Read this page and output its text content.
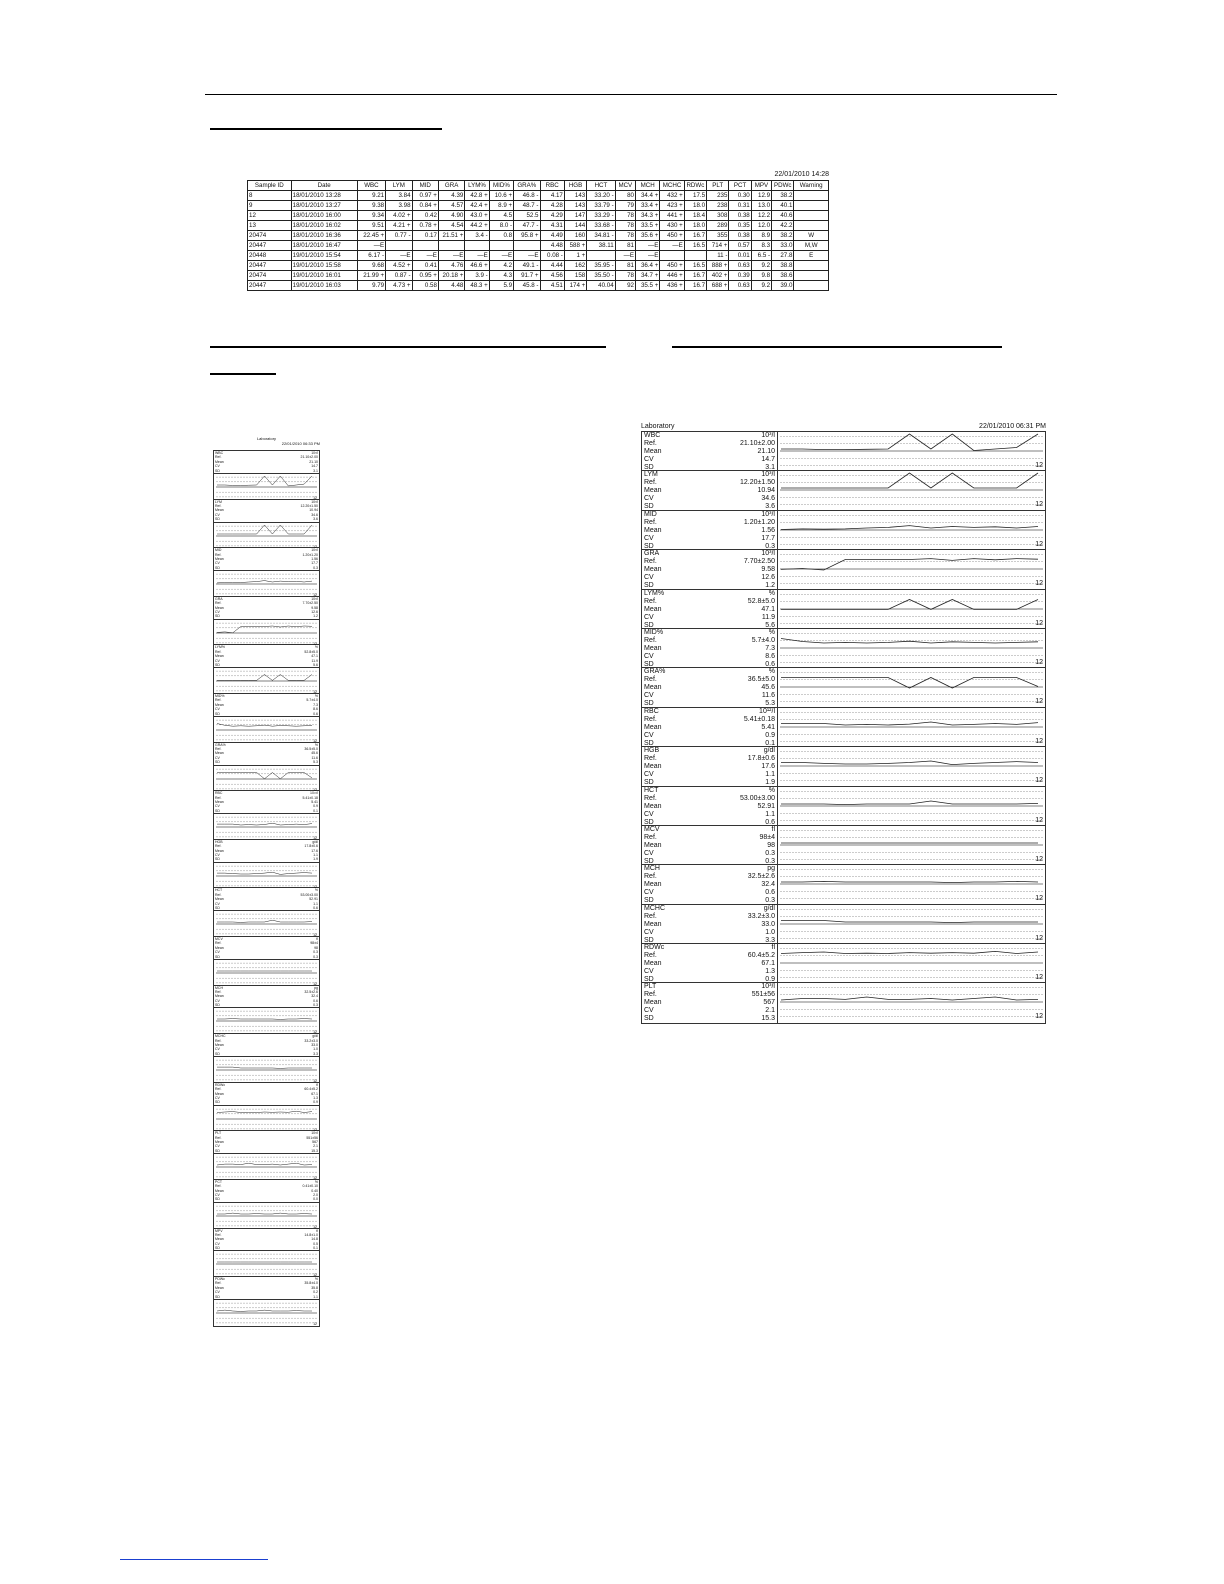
22/01/2010 14:28
Sample ID	Date	WBC	LYM	MID	GRA	LYM%	MID%	GRA%	RBC	HGB	HCT	MCV	MCH	MCHC	RDWc	PLT	PCT	MPV	PDWc	Warning
8	18/01/2010 13:28	9.21	3.84	0.97 +	4.39	42.8 +	10.6 +	46.8 -	4.17	143	33.20 -	80	34.4 +	432 +	17.5	235	0.30	12.9	38.2	
9	18/01/2010 13:27	9.38	3.98	0.84 +	4.57	42.4 +	8.9 +	48.7 -	4.28	143	33.79 -	79	33.4 +	423 +	18.0	238	0.31	13.0	40.1	
12	18/01/2010 16:00	9.34	4.02 +	0.42	4.90	43.0 +	4.5	52.5	4.29	147	33.29 -	78	34.3 +	441 +	18.4	308	0.38	12.2	40.6	
13	18/01/2010 16:02	9.51	4.21 +	0.78 +	4.54	44.2 +	8.0 -	47.7 -	4.31	144	33.68 -	78	33.5 +	430 +	18.0	289	0.35	12.0	42.2	
20474	18/01/2010 16:36	22.45 +	0.77 -	0.17	21.51 +	3.4 -	0.8	95.8 +	4.49	160	34.81 -	78	35.6 +	450 +	16.7	355	0.38	8.9	38.2	W
20447	18/01/2010 16:47	—E							4.48	588 +	38.11	81	—E	—E	16.5	714 +	0.57	8.3	33.0	M,W
20448	19/01/2010 15:54	6.17 -	—E	—E	—E	—E	—E	—E	0.08 -	1 +		—E	—E			11 -	0.01	6.5 -	27.8	E
20447	19/01/2010 15:58	9.68	4.52 +	0.41	4.76	46.6 +	4.2	49.1 -	4.44	162	35.95 -	81	36.4 +	450 +	16.5	888 +	0.63	9.2	38.8	
20474	19/01/2010 16:01	21.99 +	0.87 -	0.95 +	20.18 +	3.9 -	4.3	91.7 +	4.56	158	35.50 -	78	34.7 +	446 +	16.7	402 +	0.39	9.8	38.6	
20447	19/01/2010 16:03	9.79	4.73 +	0.58	4.48	48.3 +	5.9	45.8 -	4.51	174 +	40.04	92	35.5 +	436 +	16.7	688 +	0.63	9.2	39.0	
Laboratory
22/01/2010 06:33 PM
WBC	10³/l
Ref.	21.10±2.00
Mean	21.10
CV	14.7
SD	3.1
12
LYM	10³/l
Ref.	12.20±1.50
Mean	10.94
CV	34.6
SD	3.6
12
MID	10³/l
Ref.	1.20±1.20
Mean	1.56
CV	17.7
SD	0.3
12
GRA	10³/l
Ref.	7.70±2.50
Mean	9.58
CV	12.6
SD	1.2
12
LYM%	%
Ref.	52.8±5.0
Mean	47.1
CV	11.9
SD	5.6
12
MID%	%
Ref.	5.7±4.0
Mean	7.3
CV	8.6
SD	0.6
12
GRA%	%
Ref.	36.5±5.0
Mean	45.6
CV	11.6
SD	5.3
12
RBC	10¹²/l
Ref.	5.41±0.18
Mean	5.41
CV	0.9
SD	0.1
12
HGB	g/dl
Ref.	17.8±0.6
Mean	17.6
CV	1.1
SD	1.9
12
HCT	%
Ref.	53.00±3.00
Mean	52.91
CV	1.1
SD	0.6
12
MCV	fl
Ref.	98±4
Mean	98
CV	0.3
SD	0.3
12
MCH	pg
Ref.	32.5±2.6
Mean	32.4
CV	0.6
SD	0.3
12
MCHC	g/dl
Ref.	33.2±3.0
Mean	33.0
CV	1.0
SD	3.3
12
RDWc	fl
Ref.	60.4±5.2
Mean	67.1
CV	1.3
SD	0.9
12
PLT	10³/l
Ref.	551±56
Mean	567
CV	2.1
SD	15.3
12
PCT	%
Ref.	0.41±0.10
Mean	0.40
CV	2.0
SD	0.0
12
MPV	fl
Ref.	14.8±1.0
Mean	14.8
CV	0.5
SD	0.1
12
PDWc	%
Ref.	35.8±4.0
Mean	35.8
CV	0.2
SD	1.1
12
Laboratory	22/01/2010 06:31 PM
WBC	10³/l
Ref.	21.10±2.00
Mean	21.10
CV	14.7
SD	3.1	12
LYM	10³/l
Ref.	12.20±1.50
Mean	10.94
CV	34.6
SD	3.6	12
MID	10³/l
Ref.	1.20±1.20
Mean	1.56
CV	17.7
SD	0.3	12
GRA	10³/l
Ref.	7.70±2.50
Mean	9.58
CV	12.6
SD	1.2	12
LYM%	%
Ref.	52.8±5.0
Mean	47.1
CV	11.9
SD	5.6	12
MID%	%
Ref.	5.7±4.0
Mean	7.3
CV	8.6
SD	0.6	12
GRA%	%
Ref.	36.5±5.0
Mean	45.6
CV	11.6
SD	5.3	12
RBC	10¹²/l
Ref.	5.41±0.18
Mean	5.41
CV	0.9
SD	0.1	12
HGB	g/dl
Ref.	17.8±0.6
Mean	17.6
CV	1.1
SD	1.9	12
HCT	%
Ref.	53.00±3.00
Mean	52.91
CV	1.1
SD	0.6	12
MCV	fl
Ref.	98±4
Mean	98
CV	0.3
SD	0.3	12
MCH	pg
Ref.	32.5±2.6
Mean	32.4
CV	0.6
SD	0.3	12
MCHC	g/dl
Ref.	33.2±3.0
Mean	33.0
CV	1.0
SD	3.3	12
RDWc	fl
Ref.	60.4±5.2
Mean	67.1
CV	1.3
SD	0.9	12
PLT	10³/l
Ref.	551±56
Mean	567
CV	2.1
SD	15.3	12
